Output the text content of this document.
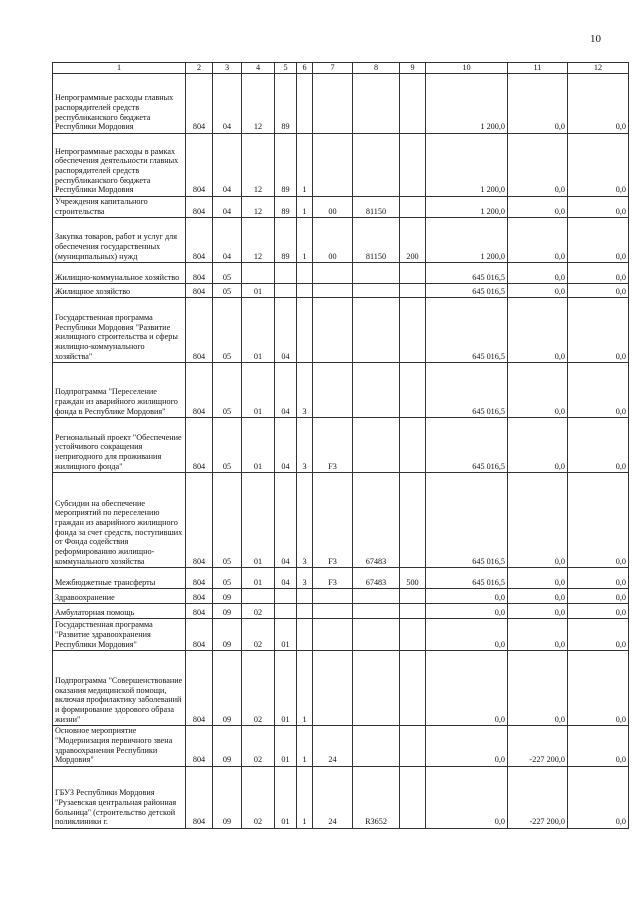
10
1	2	3	4	5	6	7	8	9	10	11	12
Непрограммные расходы главных распорядителей средств республиканского бюджета Республики Мордовия	804	04	12	89					1 200,0	0,0	0,0
Непрограммные расходы в рамках обеспечения деятельности главных распорядителей средств республиканского бюджета Республики Мордовия	804	04	12	89	1				1 200,0	0,0	0,0
Учреждения капитального строительства	804	04	12	89	1	00	81150		1 200,0	0,0	0,0
Закупка товаров, работ и услуг для обеспечения государственных (муниципальных) нужд	804	04	12	89	1	00	81150	200	1 200,0	0,0	0,0
Жилищно-коммунальное хозяйство	804	05							645 016,5	0,0	0,0
Жилищное хозяйство	804	05	01						645 016,5	0,0	0,0
Государственная программа Республики Мордовия "Развитие жилищного строительства и сферы жилищно-коммунального хозяйства"	804	05	01	04					645 016,5	0,0	0,0
Подпрограмма "Переселение граждан из аварийного жилищного фонда в Республике Мордовия"	804	05	01	04	3				645 016,5	0,0	0,0
Региональный проект "Обеспечение устойчивого сокращения непригодного для проживания жилищного фонда"	804	05	01	04	3	F3			645 016,5	0,0	0,0
Субсидии на обеспечение мероприятий по переселению граждан из аварийного жилищного фонда за счет средств, поступивших от Фонда содействия реформированию жилищно-коммунального хозяйства	804	05	01	04	3	F3	67483		645 016,5	0,0	0,0
Межбюджетные трансферты	804	05	01	04	3	F3	67483	500	645 016,5	0,0	0,0
Здравоохранение	804	09							0,0	0,0	0,0
Амбулаторная помощь	804	09	02						0,0	0,0	0,0
Государственная программа "Развитие здравоохранения Республики Мордовия"	804	09	02	01					0,0	0,0	0,0
Подпрограмма "Совершенствование оказания медицинской помощи, включая профилактику заболеваний и формирование здорового образа жизни"	804	09	02	01	1				0,0	0,0	0,0
Основное мероприятие "Модернизация первичного звена здравоохранения Республики Мордовия"	804	09	02	01	1	24			0,0	-227 200,0	0,0
ГБУЗ Республики Мордовия "Рузаевская центральная районная больница" (строительство детской поликлиники г.	804	09	02	01	1	24	R3652		0,0	-227 200,0	0,0
